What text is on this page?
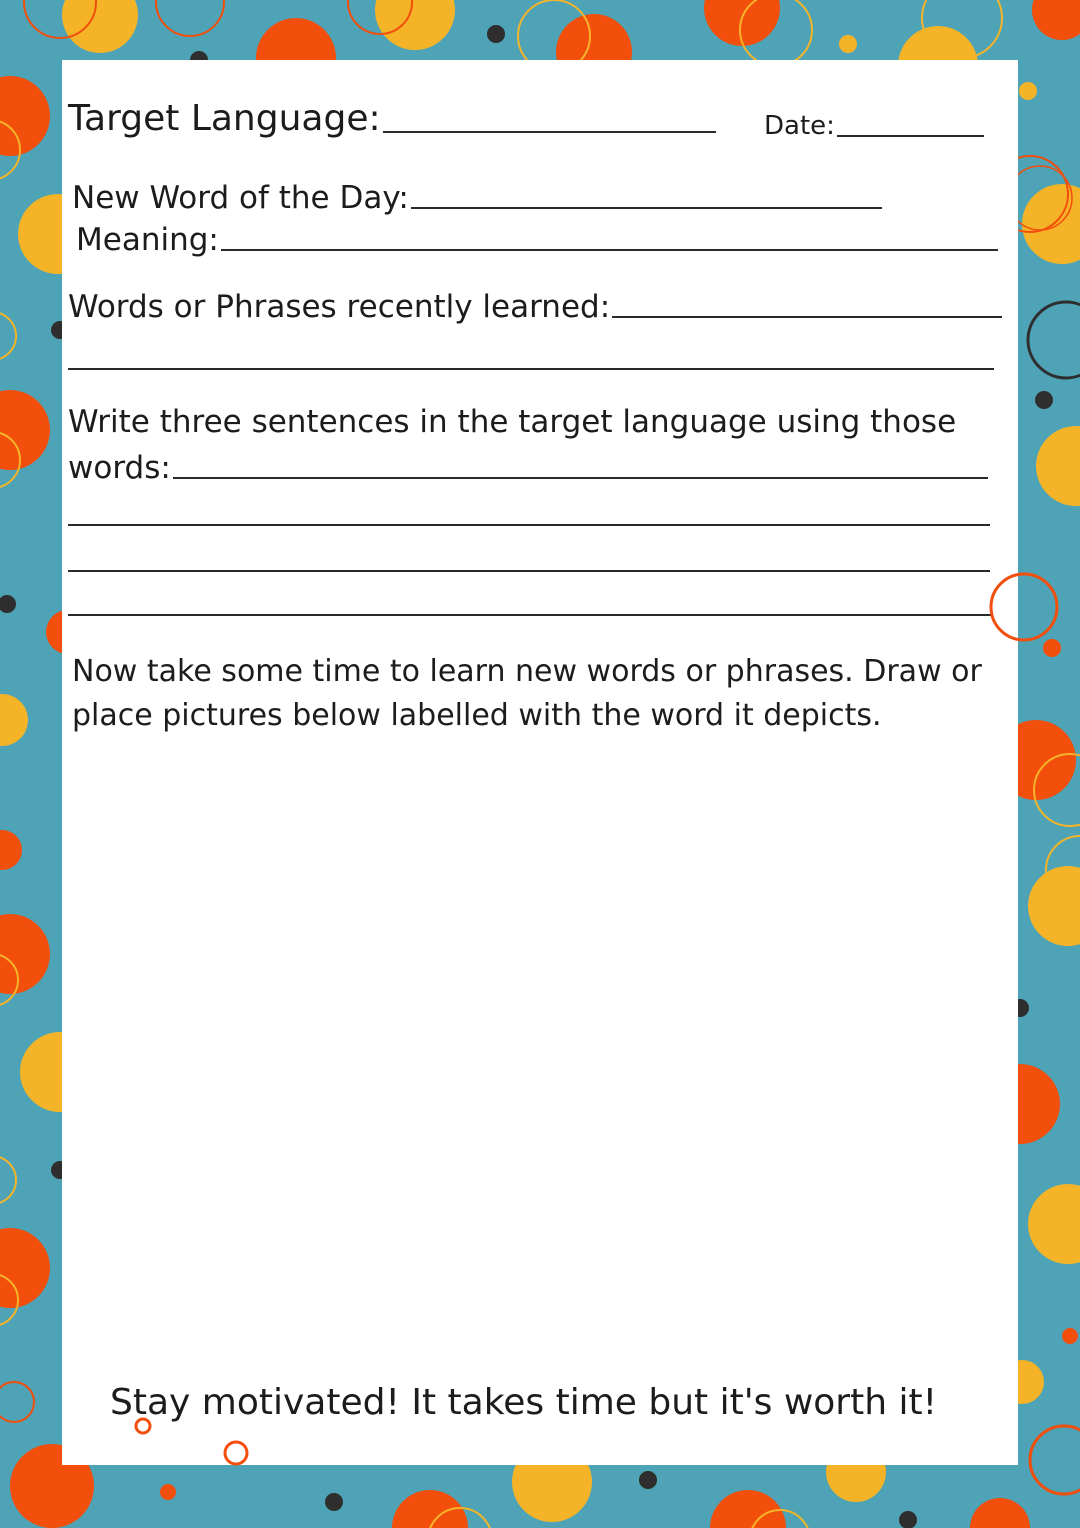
Target Language:	Date:
New Word of the Day:
Meaning:
Words or Phrases recently learned:

Write three sentences in the target language using those

words:

Now take some time to learn new words or phrases. Draw or

place pictures below labelled with the word it depicts.

Stay motivated! It takes time but it's worth it!
